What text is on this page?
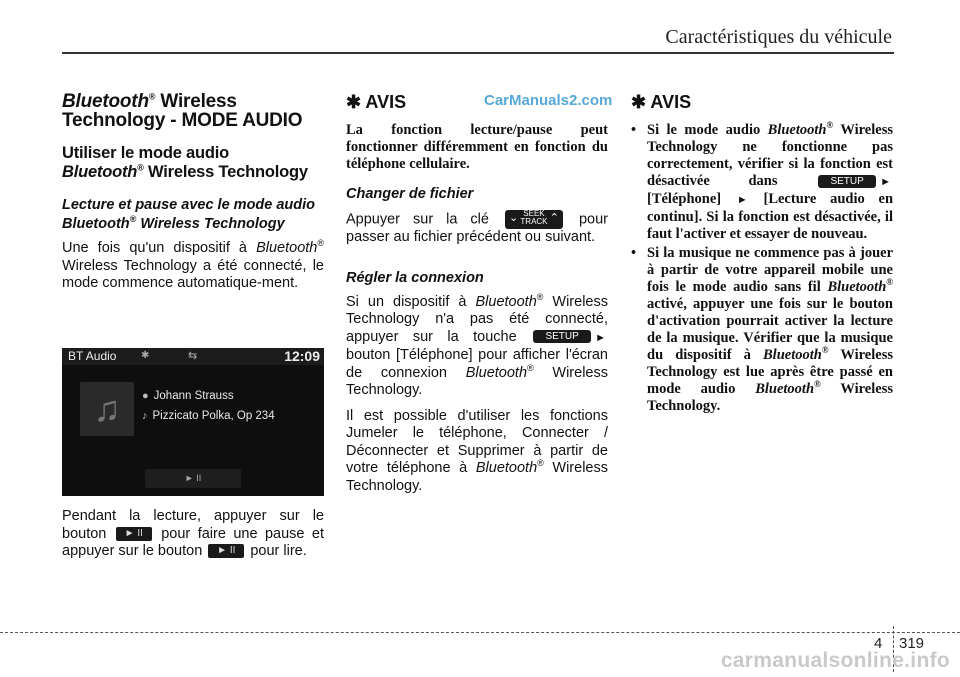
Caractéristiques du véhicule
CarManuals2.com
Bluetooth® Wireless Technology - MODE AUDIO
Utiliser le mode audio
Bluetooth® Wireless Technology
Lecture et pause avec le mode audio Bluetooth® Wireless Technology

Une fois qu'un dispositif à Bluetooth® Wireless Technology a été connecté, le mode commence automatique-ment.

BT Audio ✱	⇆	12:09
♫	● Johann Strauss
♪ Pizzicato Polka, Op 234
► II

Pendant la lecture, appuyer sur le bouton ► II pour faire une pause et appuyer sur le bouton ► II pour lire.

✱ AVIS

La fonction lecture/pause peut fonctionner différemment en fonction du téléphone cellulaire.

Changer de fichier

Appuyer sur la clé ⌄ SEEK
TRACK ⌃ pour passer au fichier précédent ou suivant.

Régler la connexion

Si un dispositif à Bluetooth® Wireless Technology n'a pas été connecté, appuyer sur la touche SETUP ► bouton [Téléphone] pour afficher l'écran de connexion Bluetooth® Wireless Technology.

Il est possible d'utiliser les fonctions Jumeler le téléphone, Connecter / Déconnecter et Supprimer à partir de votre téléphone à Bluetooth® Wireless Technology.

✱ AVIS
• Si le mode audio Bluetooth® Wireless Technology ne fonctionne pas correctement, vérifier si la fonction est désactivée dans SETUP ► [Téléphone] ► [Lecture audio en continu]. Si la fonction est désactivée, il faut l'activer et essayer de nouveau.
• Si la musique ne commence pas à jouer à partir de votre appareil mobile une fois le mode audio sans fil Bluetooth® activé, appuyer une fois sur le bouton d'activation pourrait activer la lecture de la musique. Vérifier que la musique du dispositif à Bluetooth® Wireless Technology est lue après être passé en mode audio Bluetooth® Wireless Technology.
4 319
carmanualsonline.info
